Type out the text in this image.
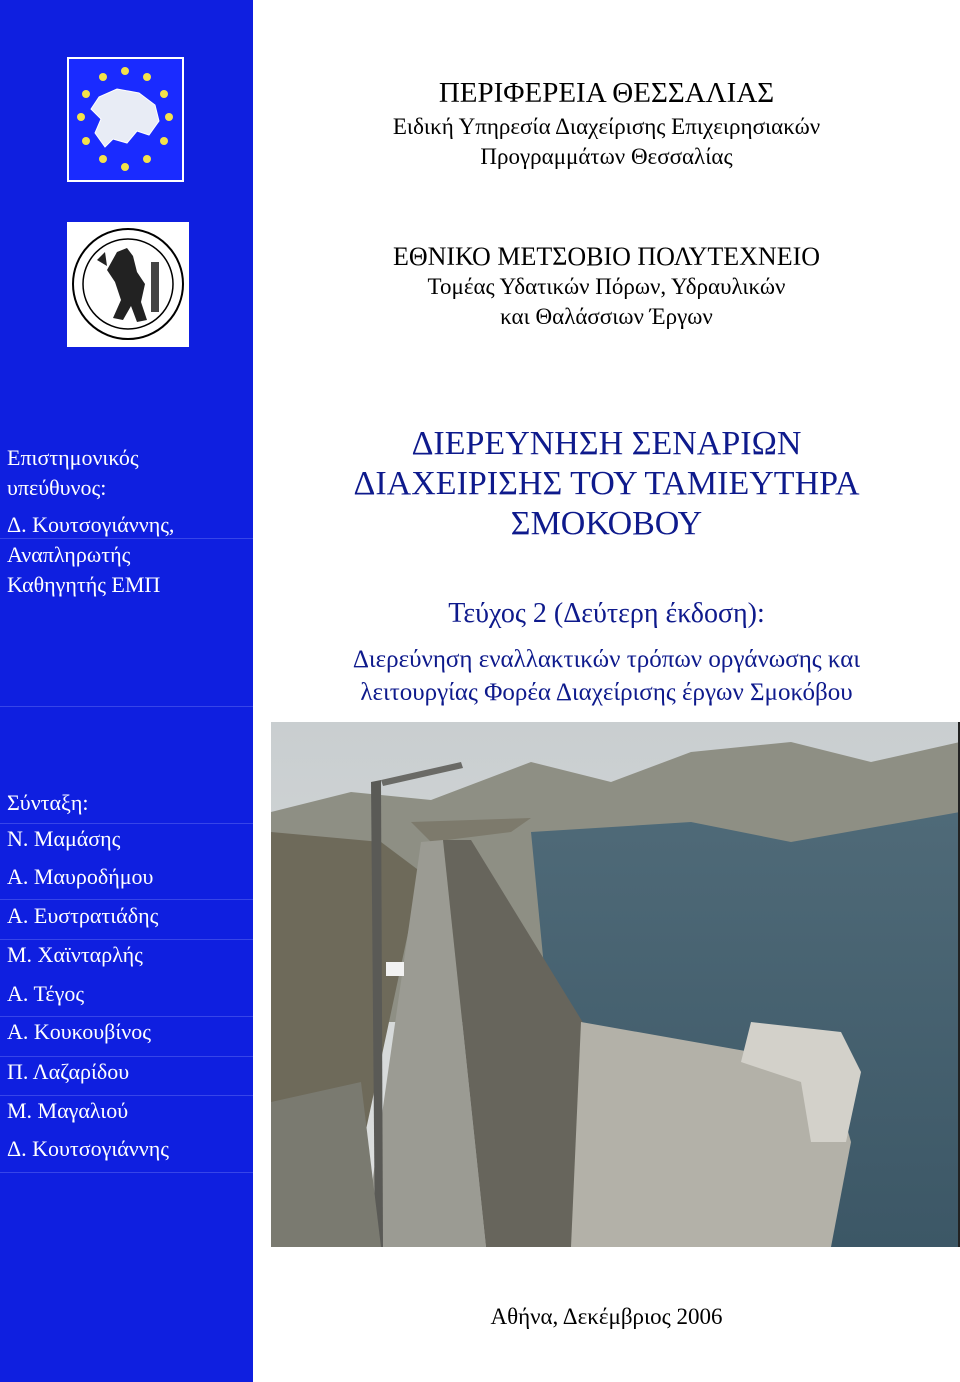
Επιστημονικός
υπεύθυνος:
Δ. Κουτσογιάννης,
Αναπληρωτής
Καθηγητής ΕΜΠ
Σύνταξη:
Ν. Μαμάσης
Α. Μαυροδήμου
Α. Ευστρατιάδης
Μ. Χαϊνταρλής
Α. Τέγος
Α. Κουκουβίνος
Π. Λαζαρίδου
Μ. Μαγαλιού
Δ. Κουτσογιάννης
ΠΕΡΙΦΕΡΕΙΑ ΘΕΣΣΑΛΙΑΣ
Ειδική Υπηρεσία Διαχείρισης Επιχειρησιακών
Προγραμμάτων Θεσσαλίας
ΕΘΝΙΚΟ ΜΕΤΣΟΒΙΟ ΠΟΛΥΤΕΧΝΕΙΟ
Τομέας Υδατικών Πόρων, Υδραυλικών
και Θαλάσσιων Έργων
ΔΙΕΡΕΥΝΗΣΗ ΣΕΝΑΡΙΩΝ
ΔΙΑΧΕΙΡΙΣΗΣ ΤΟΥ ΤΑΜΙΕΥΤΗΡΑ
ΣΜΟΚΟΒΟΥ
Τεύχος 2 (Δεύτερη έκδοση):
Διερεύνηση εναλλακτικών τρόπων οργάνωσης και
λειτουργίας Φορέα Διαχείρισης έργων Σμοκόβου
Αθήνα, Δεκέμβριος 2006
